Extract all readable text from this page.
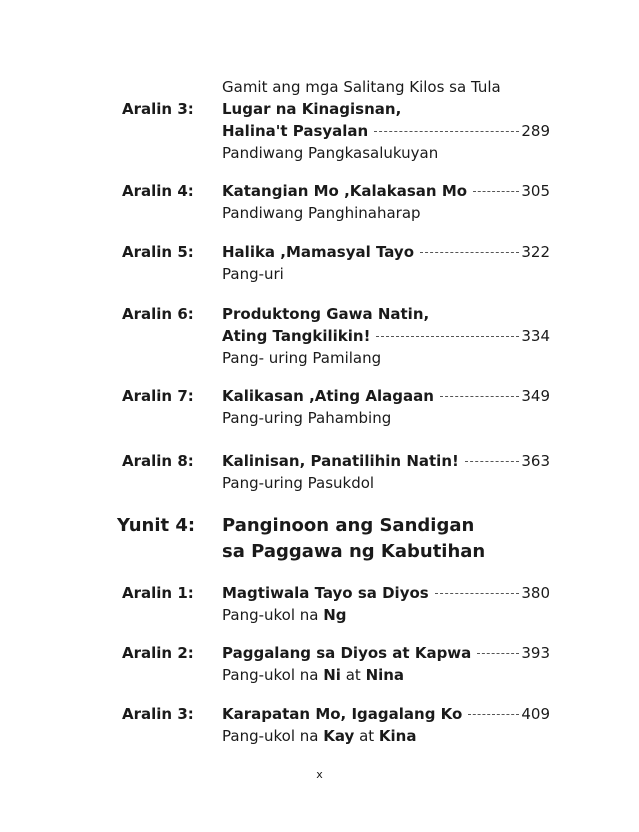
Gamit ang mga Salitang Kilos sa Tula
Aralin 3:	Lugar na Kinagisnan,
Halina't Pasyalan	289
Pandiwang Pangkasalukuyan
Aralin 4:	Katangian Mo ,Kalakasan Mo	305
Pandiwang Panghinaharap
Aralin 5:	Halika ,Mamasyal Tayo	322
Pang-uri
Aralin 6:	Produktong Gawa Natin,
Ating Tangkilikin!	334
Pang- uring Pamilang
Aralin 7:	Kalikasan ,Ating Alagaan	349
Pang-uring Pahambing
Aralin 8:	Kalinisan, Panatilihin Natin!	363
Pang-uring Pasukdol
Yunit 4: Panginoon ang Sandigan
sa Paggawa ng Kabutihan
Aralin 1:	Magtiwala Tayo sa Diyos	380
Pang-ukol na Ng
Aralin 2:	Paggalang sa Diyos at Kapwa	393
Pang-ukol na Ni at Nina
Aralin 3:	Karapatan Mo, Igagalang Ko	409
Pang-ukol na Kay at Kina
x
